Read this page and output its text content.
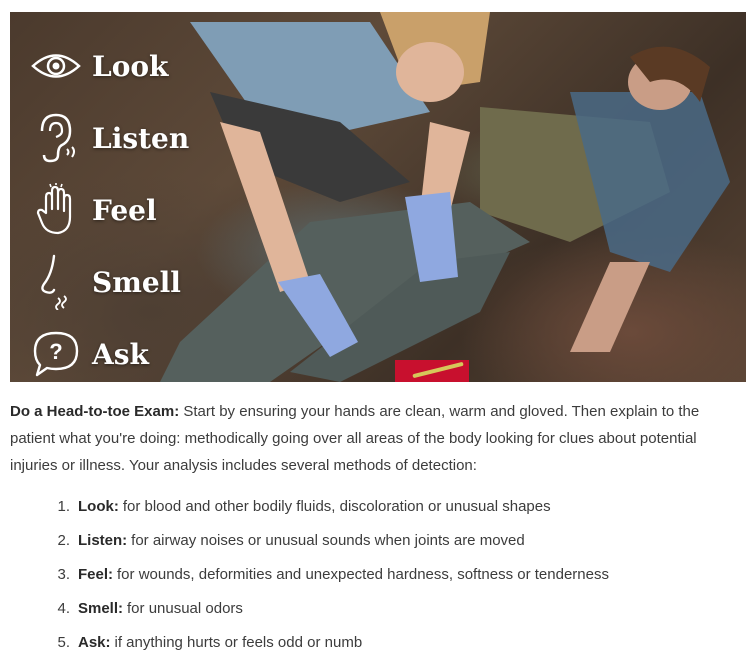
Look
Listen
Feel
Smell
? Ask

Do a Head-to-toe Exam: Start by ensuring your hands are clean, warm and gloved. Then explain to the patient what you're doing: methodically going over all areas of the body looking for clues about potential injuries or illness. Your analysis includes several methods of detection:

1. Look: for blood and other bodily fluids, discoloration or unusual shapes
2. Listen: for airway noises or unusual sounds when joints are moved
3. Feel: for wounds, deformities and unexpected hardness, softness or tenderness
4. Smell: for unusual odors
5. Ask: if anything hurts or feels odd or numb
